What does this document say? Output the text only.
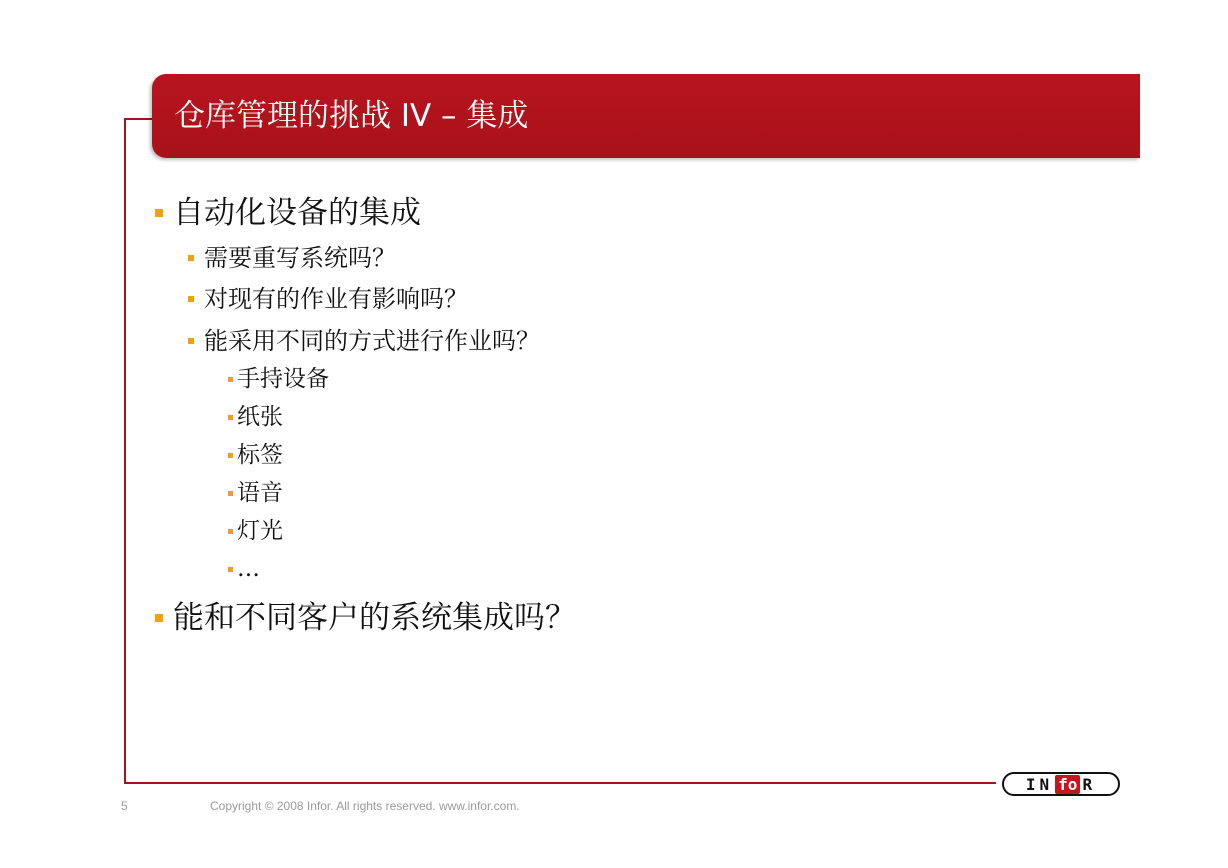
仓库管理的挑战 IV – 集成
自动化设备的集成
需要重写系统吗？
对现有的作业有影响吗？
能采用不同的方式进行作业吗？
手持设备
纸张
标签
语音
灯光
…
能和不同客户的系统集成吗？
IN fo R
5	Copyright © 2008 Infor. All rights reserved. www.infor.com.
